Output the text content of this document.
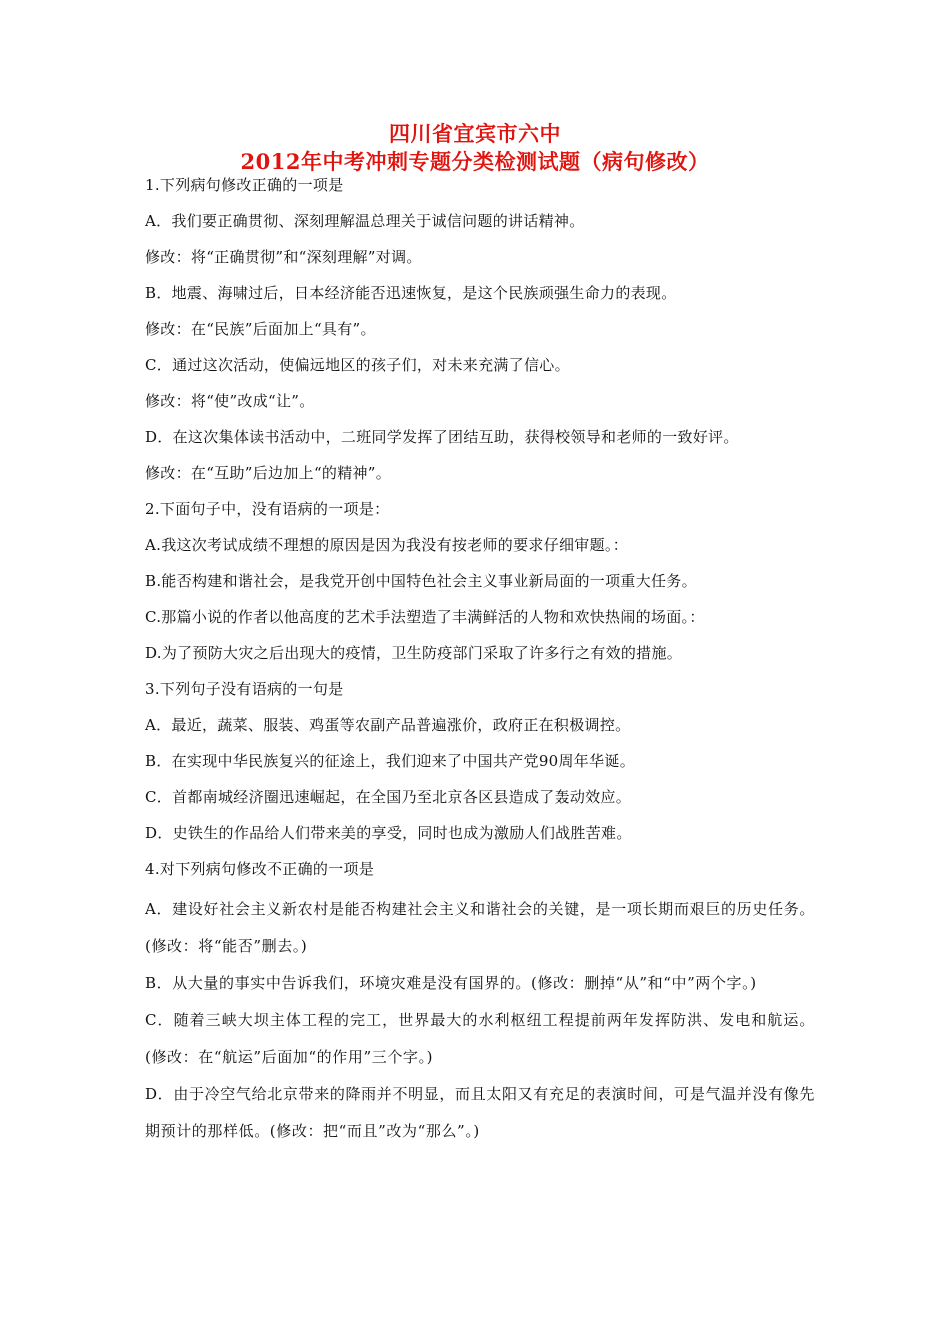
四川省宜宾市六中
2012年中考冲刺专题分类检测试题（病句修改）
1.下列病句修改正确的一项是
A．我们要正确贯彻、深刻理解温总理关于诚信问题的讲话精神。
修改：将“正确贯彻”和“深刻理解”对调。
B．地震、海啸过后，日本经济能否迅速恢复，是这个民族顽强生命力的表现。
修改：在“民族”后面加上“具有”。
C．通过这次活动，使偏远地区的孩子们，对未来充满了信心。
修改：将“使”改成“让”。
D．在这次集体读书活动中，二班同学发挥了团结互助，获得校领导和老师的一致好评。
修改：在“互助”后边加上“的精神”。
2.下面句子中，没有语病的一项是：
A.我这次考试成绩不理想的原因是因为我没有按老师的要求仔细审题。：
B.能否构建和谐社会，是我党开创中国特色社会主义事业新局面的一项重大任务。
C.那篇小说的作者以他高度的艺术手法塑造了丰满鲜活的人物和欢快热闹的场面。：
D.为了预防大灾之后出现大的疫情，卫生防疫部门采取了许多行之有效的措施。
3.下列句子没有语病的一句是
A．最近，蔬菜、服装、鸡蛋等农副产品普遍涨价，政府正在积极调控。
B．在实现中华民族复兴的征途上，我们迎来了中国共产党90周年华诞。
C．首都南城经济圈迅速崛起，在全国乃至北京各区县造成了轰动效应。
D．史铁生的作品给人们带来美的享受，同时也成为激励人们战胜苦难。
4.对下列病句修改不正确的一项是
A．建设好社会主义新农村是能否构建社会主义和谐社会的关键，是一项长期而艰巨的历史任务。(修改：将“能否”删去。)
B．从大量的事实中告诉我们，环境灾难是没有国界的。(修改：删掉“从”和“中”两个字。)
C．随着三峡大坝主体工程的完工，世界最大的水利枢纽工程提前两年发挥防洪、发电和航运。(修改：在“航运”后面加“的作用”三个字。)
D．由于冷空气给北京带来的降雨并不明显，而且太阳又有充足的表演时间，可是气温并没有像先期预计的那样低。(修改：把“而且”改为“那么”。)
